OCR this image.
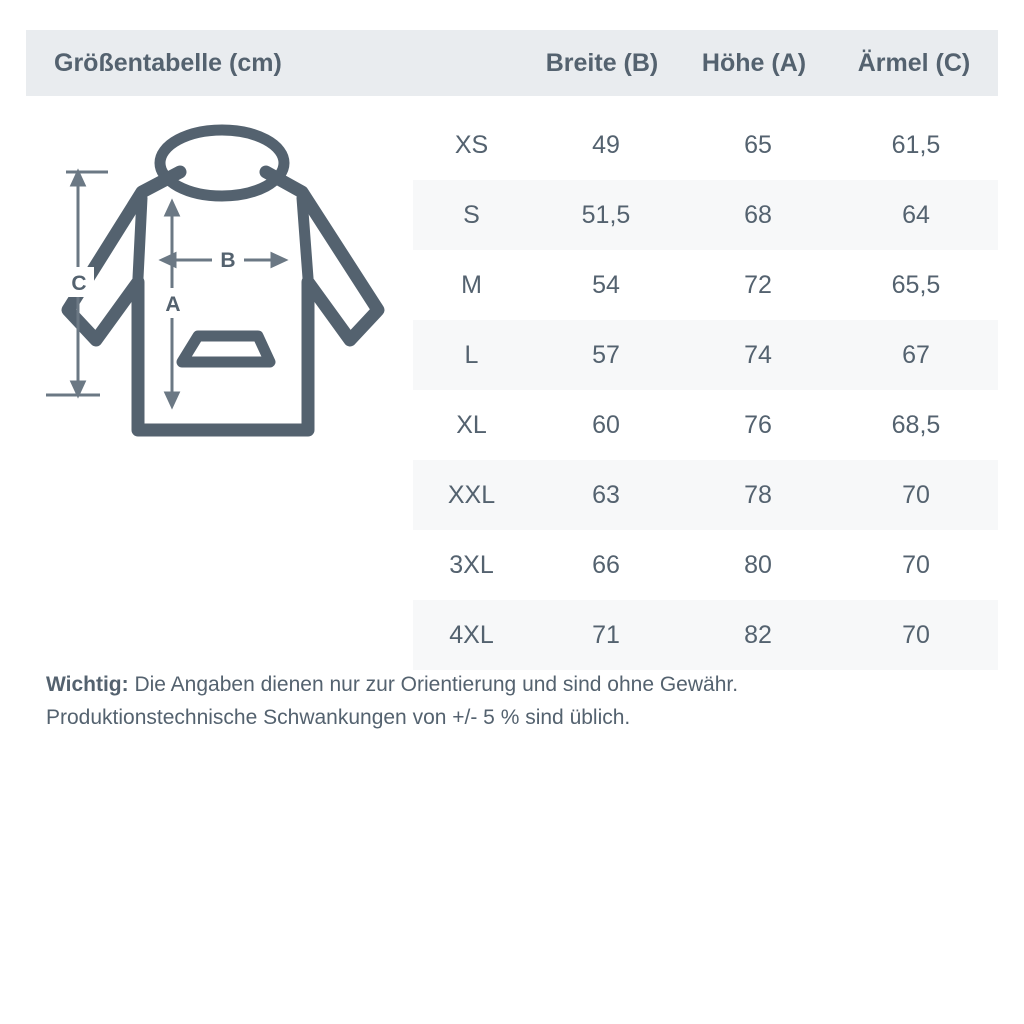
Größentabelle (cm)	Breite (B)	Höhe (A)	Ärmel (C)
B
A
C
XS	49	65	61,5
S	51,5	68	64
M	54	72	65,5
L	57	74	67
XL	60	76	68,5
XXL	63	78	70
3XL	66	80	70
4XL	71	82	70
Wichtig: Die Angaben dienen nur zur Orientierung und sind ohne Gewähr.
Produktionstechnische Schwankungen von +/- 5 % sind üblich.
